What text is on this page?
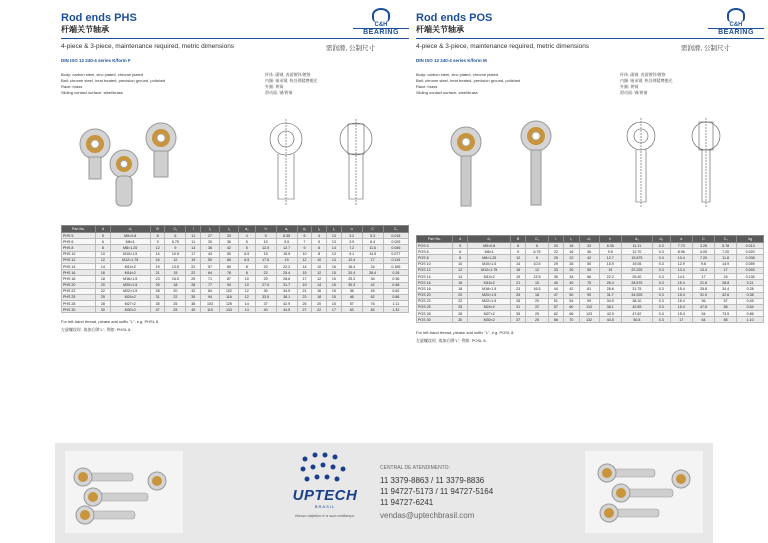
Rod ends PHS
杆端关节轴承	C&H
BEARING
4-piece & 3-piece, maintenance required, metric dimensions	需润滑, 公制尺寸
DIN ISO 12 240-4 series K/form F
Body: carbon steel, zinc plated, chrome plated
Ball: chrome steel, heat treated, precision ground, polished
Race: brass
Sliding contact surface: steel/brass
杆体: 碳钢, 表面镀锌/镀铬
内圈: 轴承钢, 热处理精磨抛光
外圈: 黄铜
滑动面: 钢/黄铜
Part No.	d	d₁	B	C₁	l	l₂	l₃	d₂	h	d₃	d₄	l₄	l₅	α	C	C₀
PHS 5	5	M5×0.8	8	6	11	27	33	4	9	8.35	6	4	13	3.2	5.3	0.018
PHS 6	6	M6×1	9	6.75	11	30	36	5	10	9.5	7	5	13	3.9	6.4	0.025
PHS 8	8	M8×1.25	12	9	14	36	42	5	12.5	12.7	9	6	14	7.2	11.6	0.046
PHS 10	10	M10×1.5	14	10.5	17	43	50	6.5	15	15.9	10	8	13	9.1	14.5	0.077
PHS 12	12	M12×1.75	16	12	19	50	60	6.5	17.5	19	12	10	13	12.4	17	0.119
PHS 14	14	M14×2	19	13.5	22	57	69	8	20	22.2	14	10	16	16.4	24	0.185
PHS 16	16	M16×2	21	15	22	64	78	8	22	25.4	15	12	15	20.4	28.4	0.28
PHS 18	18	M18×1.5	23	16.5	25	71	87	10	25	28.6	17	12	15	25.3	34	0.36
PHS 20	20	M20×1.5	25	18	28	77	94	10	27.5	31.7	19	14	15	30.3	42	0.48
PHS 22	22	M22×1.5	28	20	32	84	102	12	30	34.9	21	16	15	36	49	0.62
PHS 25	25	M24×2	31	22	35	94	116	12	33.5	38.1	23	18	15	46	62	0.86
PHS 28	28	M27×2	35	25	38	103	125	14	37	42.9	25	20	15	57	76	1.11
PHS 30	30	M30×2	37	25	40	110	133	14	40	44.5	27	22	17	63	82	1.32
For left-hand thread, please add suffix "L", e.g. PHSL 8.
左旋螺纹时, 请加后缀"L", 例如: PHSL 8.
Rod ends POS
杆端关节轴承	C&H
BEARING
4-piece & 3-piece, maintenance required, metric dimensions	需润滑, 公制尺寸
DIN ISO 12 240-4 series K/form M
Body: carbon steel, zinc plated, chrome plated
Ball: chrome steel, heat treated, precision ground, polished
Race: brass
Sliding contact surface: steel/brass
杆体: 碳钢, 表面镀锌/镀铬
内圈: 轴承钢, 热处理精磨抛光
外圈: 黄铜
滑动面: 钢/黄铜
Part No.	d	d₁	B	C₁	l	l₁	d₂	h	d₃	d₄	α	C	C₀	kg
POS 5	5	M5×0.8	8	6	20	16	33	8.35	11.11	0.3	7.73	3.25	5.78	0.013
POS 6	6	M6×1	9	6.75	22	16	36	9.5	12.70	0.3	8.96	4.05	7.20	0.020
POS 8	8	M8×1.25	12	9	25	22	42	12.7	15.875	0.3	10.4	7.20	11.8	0.038
POS 10	10	M10×1.5	14	10.5	29	26	50	15.9	19.05	0.3	12.9	9.6	14.9	0.059
POS 12	12	M12×1.75	16	12	33	30	59	19	22.225	0.3	13.4	13.4	17	0.093
POS 14	14	M14×2	19	13.5	36	34	66	22.2	25.40	0.3	14.1	17	24	0.135
POS 16	16	M16×2	21	15	40	40	75	25.4	28.575	0.3	15.4	21.6	28.8	0.21
POS 18	18	M18×1.5	23	16.5	44	42	81	28.6	31.75	0.3	15.4	25.8	34.4	0.28
POS 20	20	M20×1.5	25	18	47	50	90	31.7	34.925	0.3	15.4	31.9	42.6	0.38
POS 22	22	M22×1.5	28	20	51	54	99	34.9	38.10	0.3	15.4	36	57	0.49
POS 25	25	M24×2	31	22	57	60	110	38.1	42.85	0.3	15.4	47.8	65	0.64
POS 28	28	M27×2	35	25	62	66	123	42.9	47.62	0.3	15.4	54	73.5	0.86
POS 30	30	M30×2	37	25	66	70	132	44.5	50.8	0.3	17	64	85	1.10
For left-hand thread, please add suffix "L", e.g. POSL 8.
左旋螺纹时, 请加后缀"L", 例如: POSL 8.
UPTECH
BRASIL
Nosso objetivo é a sua confiança.
CENTRAL DE ATENDIMENTO:
11 3379-8863 / 11 3379-8836
11 94727-5173 / 11 94727-5164
11 94727-6241
vendas@uptechbrasil.com
